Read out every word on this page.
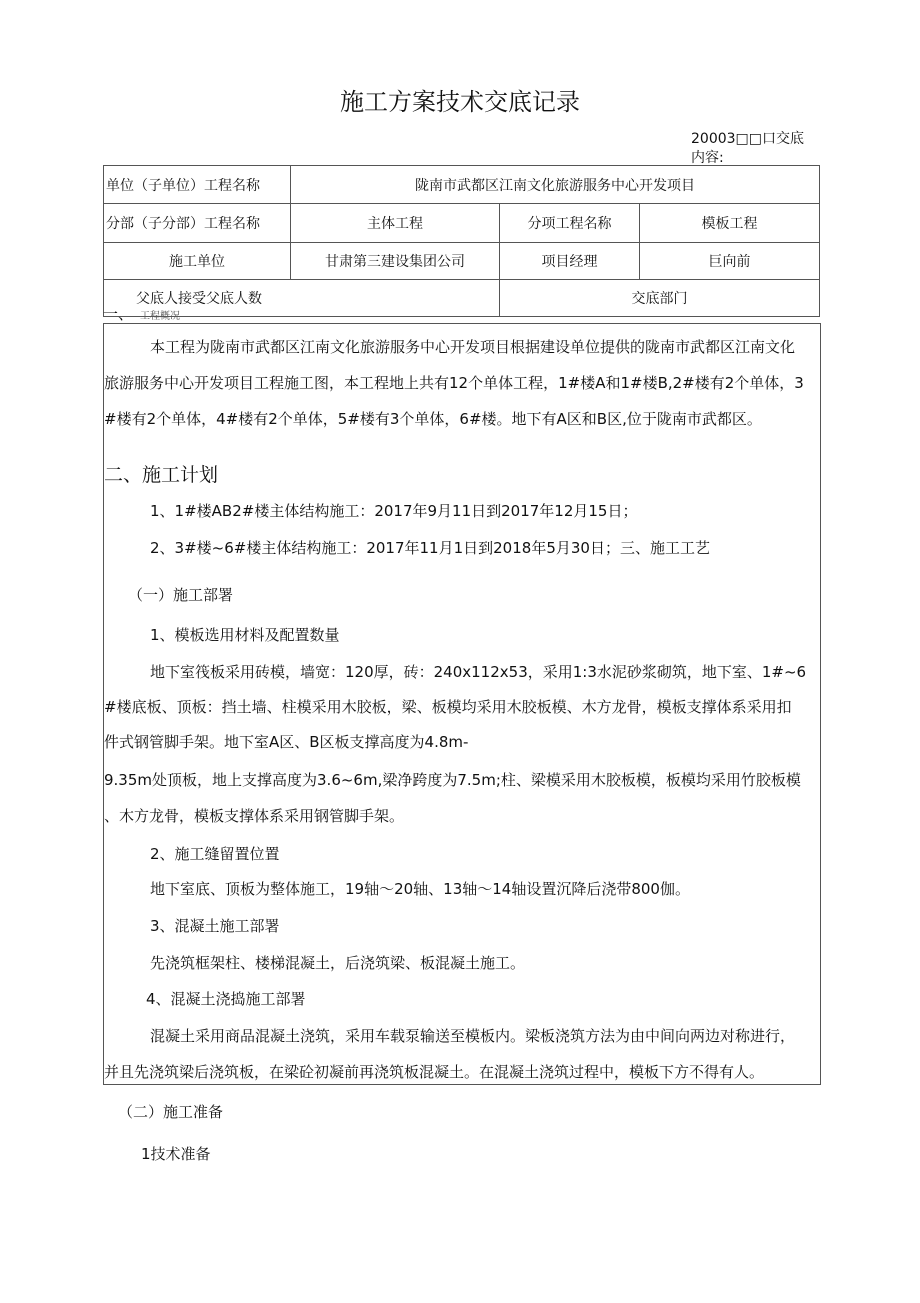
施工方案技术交底记录
20003□□口交底
内容:
单位（子单位）工程名称	陇南市武都区江南文化旅游服务中心开发项目		
分部（子分部）工程名称	主体工程	分项工程名称	模板工程
施工单位	甘肃第三建设集团公司	项目经理	巨向前
父底人接受父底人数		交底部门	
一、 工程概况
本工程为陇南市武都区江南文化旅游服务中心开发项目根据建设单位提供的陇南市武都区江南文化
旅游服务中心开发项目工程施工图，本工程地上共有12个单体工程，1#楼A和1#楼B,2#楼有2个单体，3
#楼有2个单体，4#楼有2个单体，5#楼有3个单体，6#楼。地下有A区和B区,位于陇南市武都区。
二、施工计划
1、1#楼AB2#楼主体结构施工：2017年9月11日到2017年12月15日；
2、3#楼~6#楼主体结构施工：2017年11月1日到2018年5月30日；三、施工工艺
（一）施工部署
1、模板选用材料及配置数量
地下室筏板采用砖模，墙宽：120厚，砖：240x112x53，采用1:3水泥砂浆砌筑，地下室、1#~6
#楼底板、顶板：挡土墙、柱模采用木胶板，梁、板模均采用木胶板模、木方龙骨，模板支撑体系采用扣
件式钢管脚手架。地下室A区、B区板支撑高度为4.8m-
9.35m处顶板，地上支撑高度为3.6~6m,梁净跨度为7.5m;柱、梁模采用木胶板模，板模均采用竹胶板模
、木方龙骨，模板支撑体系采用钢管脚手架。
2、施工缝留置位置
地下室底、顶板为整体施工，19轴～20轴、13轴～14轴设置沉降后浇带800伽。
3、混凝土施工部署
先浇筑框架柱、楼梯混凝土，后浇筑梁、板混凝土施工。
4、混凝土浇捣施工部署
混凝土采用商品混凝土浇筑，采用车载泵输送至模板内。梁板浇筑方法为由中间向两边对称进行，
并且先浇筑梁后浇筑板，在梁砼初凝前再浇筑板混凝土。在混凝土浇筑过程中，模板下方不得有人。
（二）施工准备
1技术准备
